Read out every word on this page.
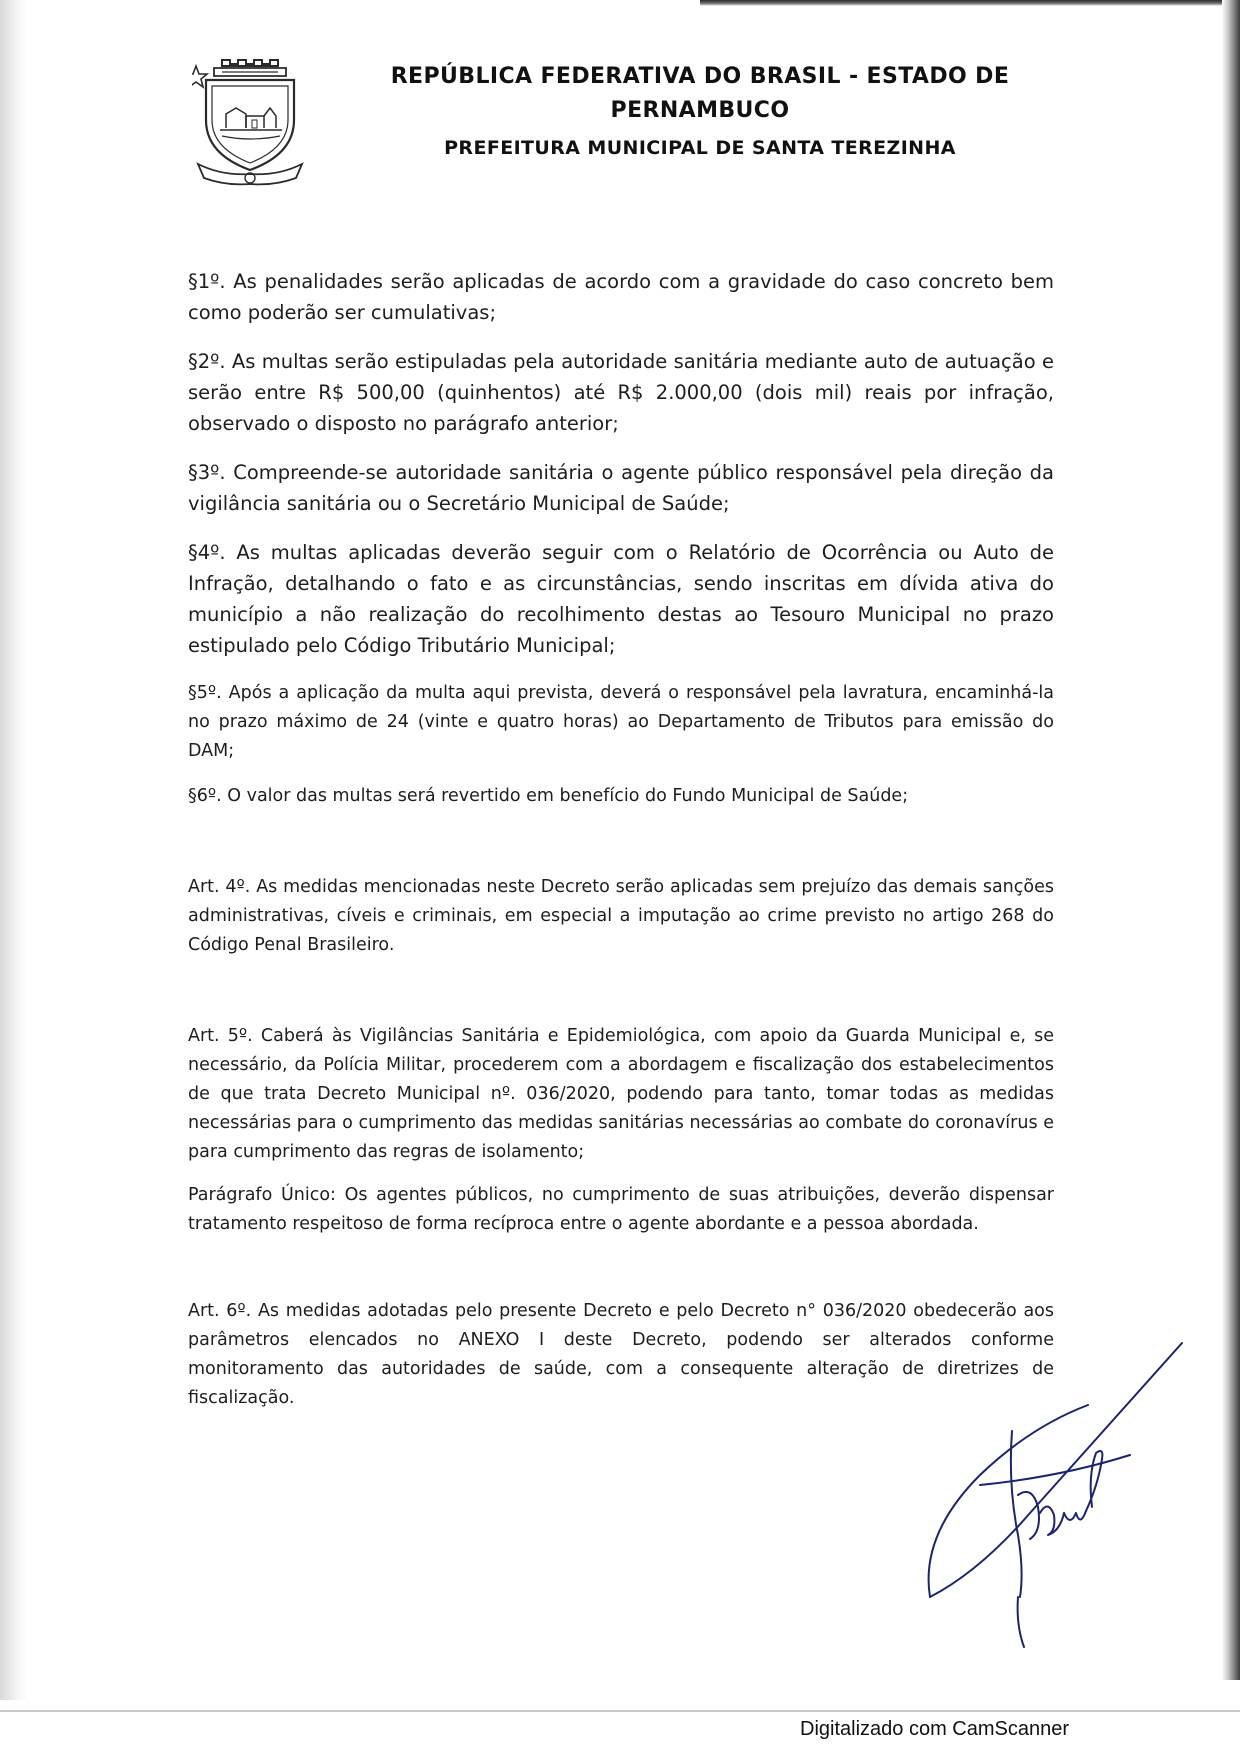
REPÚBLICA FEDERATIVA DO BRASIL - ESTADO DE
PERNAMBUCO
PREFEITURA MUNICIPAL DE SANTA TEREZINHA

§1º. As penalidades serão aplicadas de acordo com a gravidade do caso concreto bem como poderão ser cumulativas;

§2º. As multas serão estipuladas pela autoridade sanitária mediante auto de autuação e serão entre R$ 500,00 (quinhentos) até R$ 2.000,00 (dois mil) reais por infração, observado o disposto no parágrafo anterior;

§3º. Compreende-se autoridade sanitária o agente público responsável pela direção da vigilância sanitária ou o Secretário Municipal de Saúde;

§4º. As multas aplicadas deverão seguir com o Relatório de Ocorrência ou Auto de Infração, detalhando o fato e as circunstâncias, sendo inscritas em dívida ativa do município a não realização do recolhimento destas ao Tesouro Municipal no prazo estipulado pelo Código Tributário Municipal;

§5º. Após a aplicação da multa aqui prevista, deverá o responsável pela lavratura, encaminhá-la no prazo máximo de 24 (vinte e quatro horas) ao Departamento de Tributos para emissão do DAM;

§6º. O valor das multas será revertido em benefício do Fundo Municipal de Saúde;

Art. 4º. As medidas mencionadas neste Decreto serão aplicadas sem prejuízo das demais sanções administrativas, cíveis e criminais, em especial a imputação ao crime previsto no artigo 268 do Código Penal Brasileiro.

Art. 5º. Caberá às Vigilâncias Sanitária e Epidemiológica, com apoio da Guarda Municipal e, se necessário, da Polícia Militar, procederem com a abordagem e fiscalização dos estabelecimentos de que trata Decreto Municipal nº. 036/2020, podendo para tanto, tomar todas as medidas necessárias para o cumprimento das medidas sanitárias necessárias ao combate do coronavírus e para cumprimento das regras de isolamento;

Parágrafo Único: Os agentes públicos, no cumprimento de suas atribuições, deverão dispensar tratamento respeitoso de forma recíproca entre o agente abordante e a pessoa abordada.

Art. 6º. As medidas adotadas pelo presente Decreto e pelo Decreto n° 036/2020 obedecerão aos parâmetros elencados no ANEXO I deste Decreto, podendo ser alterados conforme monitoramento das autoridades de saúde, com a consequente alteração de diretrizes de fiscalização.

Digitalizado com CamScanner
